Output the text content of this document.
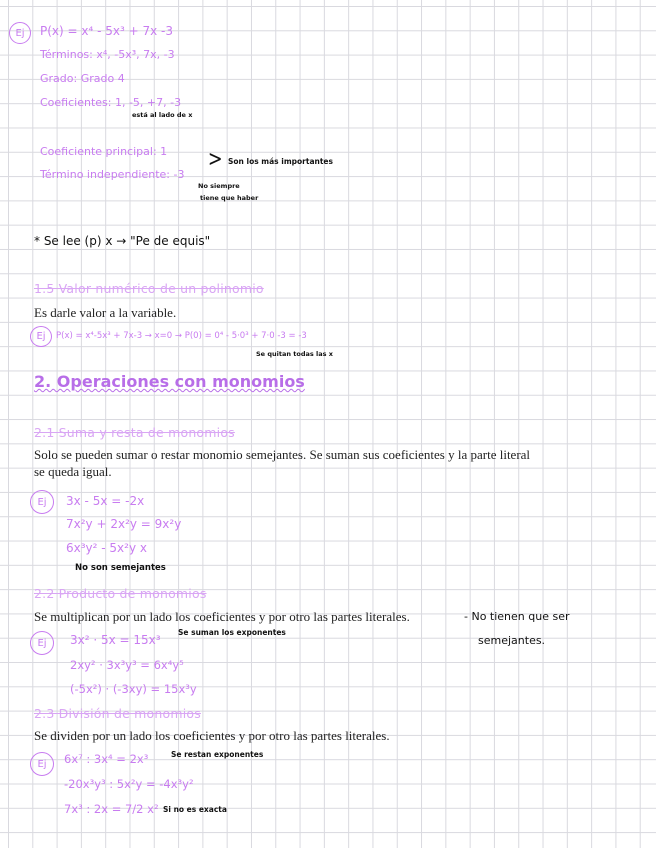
Ej P(x) = x⁴ - 5x³ + 7x -3
Términos: x⁴, -5x³, 7x, -3
Grado: Grado 4
Coeficientes: 1, -5, +7, -3
está al lado de x
Coeficiente principal: 1
Término independiente: -3
> Son los más importantes
No siempre
tiene que haber
* Se lee (p) x → "Pe de equis"
1.5 Valor numérico de un polinomio
Es darle valor a la variable.
Ej P(x) = x⁴-5x³ + 7x-3 → x=0 → P(0) = 0⁴ - 5·0³ + 7·0 -3 = -3
Se quitan todas las x
2. Operaciones con monomios
2.1 Suma y resta de monomios
Solo se pueden sumar o restar monomio semejantes. Se suman sus coeficientes y la parte literal
se queda igual.
Ej 3x - 5x = -2x
7x²y + 2x²y = 9x²y
6x³y² - 5x²y x
No son semejantes
2.2 Producto de monomios
Se multiplican por un lado los coeficientes y por otro las partes literales.	- No tienen que ser
semejantes.
Ej 3x² · 5x = 15x³
Se suman los exponentes
2xy² · 3x³y³ = 6x⁴y⁵
(-5x²) · (-3xy) = 15x³y
2.3 División de monomios
Se dividen por un lado los coeficientes y por otro las partes literales.
Ej 6x⁷ : 3x⁴ = 2x³	Se restan exponentes
-20x³y³ : 5x²y = -4x³y²
7x³ : 2x = 7/2 x² Si no es exacta
